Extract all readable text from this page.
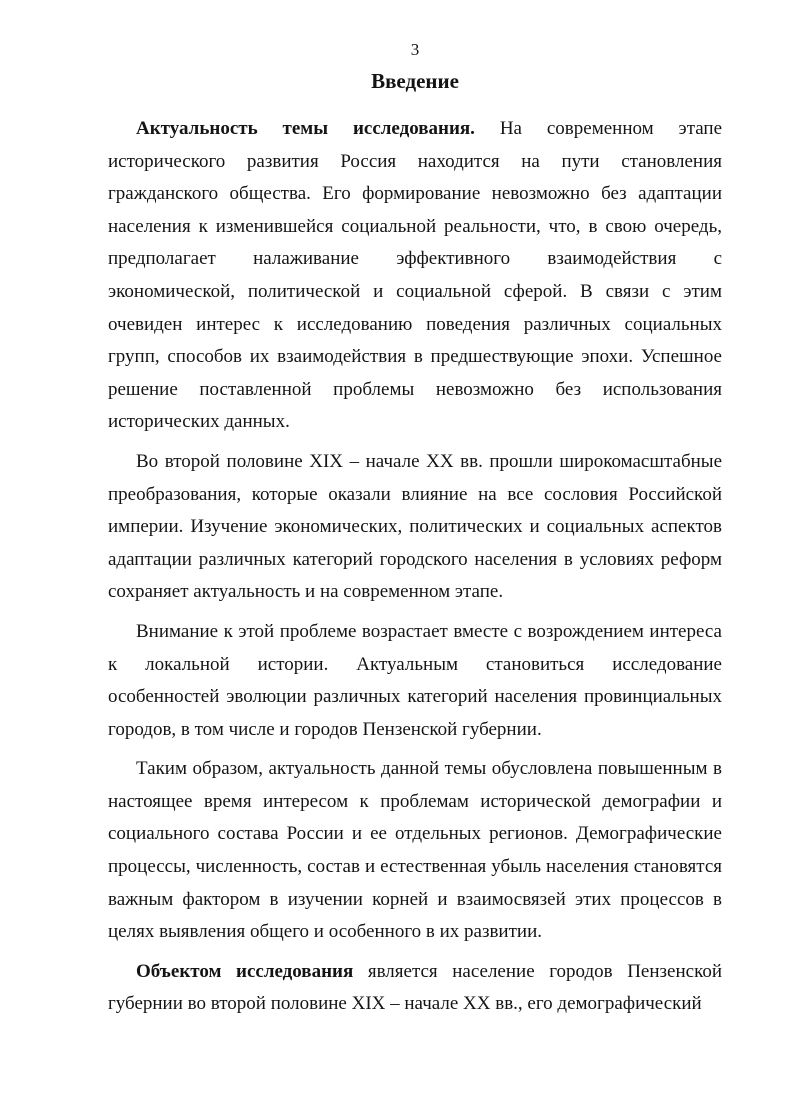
3
Введение

Актуальность темы исследования. На современном этапе исторического развития Россия находится на пути становления гражданского общества. Его формирование невозможно без адаптации населения к изменившейся социальной реальности, что, в свою очередь, предполагает налаживание эффективного взаимодействия с экономической, политической и социальной сферой. В связи с этим очевиден интерес к исследованию поведения различных социальных групп, способов их взаимодействия в предшествующие эпохи. Успешное решение поставленной проблемы невозможно без использования исторических данных.

Во второй половине XIX – начале XX вв. прошли широкомасштабные преобразования, которые оказали влияние на все сословия Российской империи. Изучение экономических, политических и социальных аспектов адаптации различных категорий городского населения в условиях реформ сохраняет актуальность и на современном этапе.

Внимание к этой проблеме возрастает вместе с возрождением интереса к локальной истории. Актуальным становиться исследование особенностей эволюции различных категорий населения провинциальных городов, в том числе и городов Пензенской губернии.

Таким образом, актуальность данной темы обусловлена повышенным в настоящее время интересом к проблемам исторической демографии и социального состава России и ее отдельных регионов. Демографические процессы, численность, состав и естественная убыль населения становятся важным фактором в изучении корней и взаимосвязей этих процессов в целях выявления общего и особенного в их развитии.

Объектом исследования является население городов Пензенской губернии во второй половине XIX – начале XX вв., его демографический
